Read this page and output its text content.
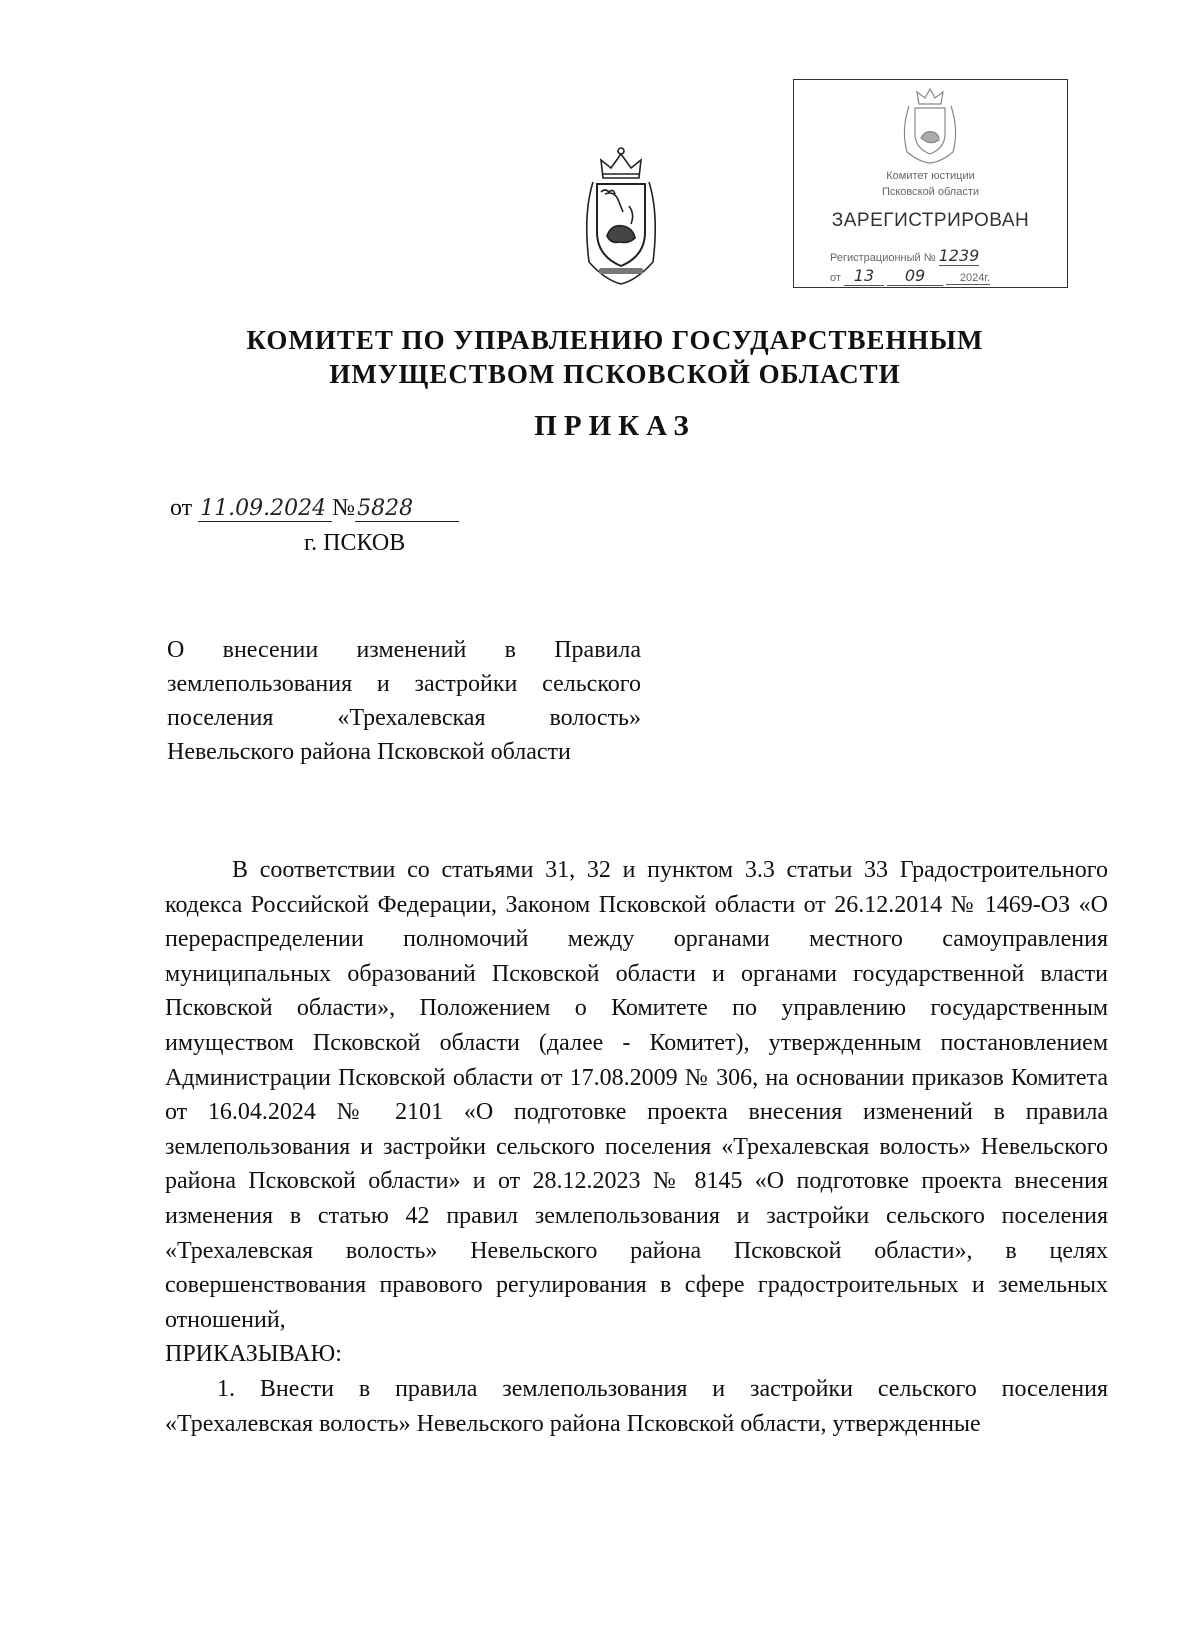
Комитет юстиции
Псковской области
ЗАРЕГИСТРИРОВАН
Регистрационный № 1239
от 13 09	2024г.
КОМИТЕТ ПО УПРАВЛЕНИЮ ГОСУДАРСТВЕННЫМ
ИМУЩЕСТВОМ ПСКОВСКОЙ ОБЛАСТИ
ПРИКАЗ
от 11.09.2024 №5828
г. ПСКОВ
О внесении изменений в Правила землепользования и застройки сельского поселения «Трехалевская волость» Невельского района Псковской области

В соответствии со статьями 31, 32 и пунктом 3.3 статьи 33 Градостроительного кодекса Российской Федерации, Законом Псковской области от 26.12.2014 № 1469-ОЗ «О перераспределении полномочий между органами местного самоуправления муниципальных образований Псковской области и органами государственной власти Псковской области», Положением о Комитете по управлению государственным имуществом Псковской области (далее - Комитет), утвержденным постановлением Администрации Псковской области от 17.08.2009 № 306, на основании приказов Комитета от 16.04.2024 № 2101 «О подготовке проекта внесения изменений в правила землепользования и застройки сельского поселения «Трехалевская волость» Невельского района Псковской области» и от 28.12.2023 № 8145 «О подготовке проекта внесения изменения в статью 42 правил землепользования и застройки сельского поселения «Трехалевская волость» Невельского района Псковской области», в целях совершенствования правового регулирования в сфере градостроительных и земельных отношений,

ПРИКАЗЫВАЮ:

1. Внести в правила землепользования и застройки сельского поселения «Трехалевская волость» Невельского района Псковской области, утвержденные
